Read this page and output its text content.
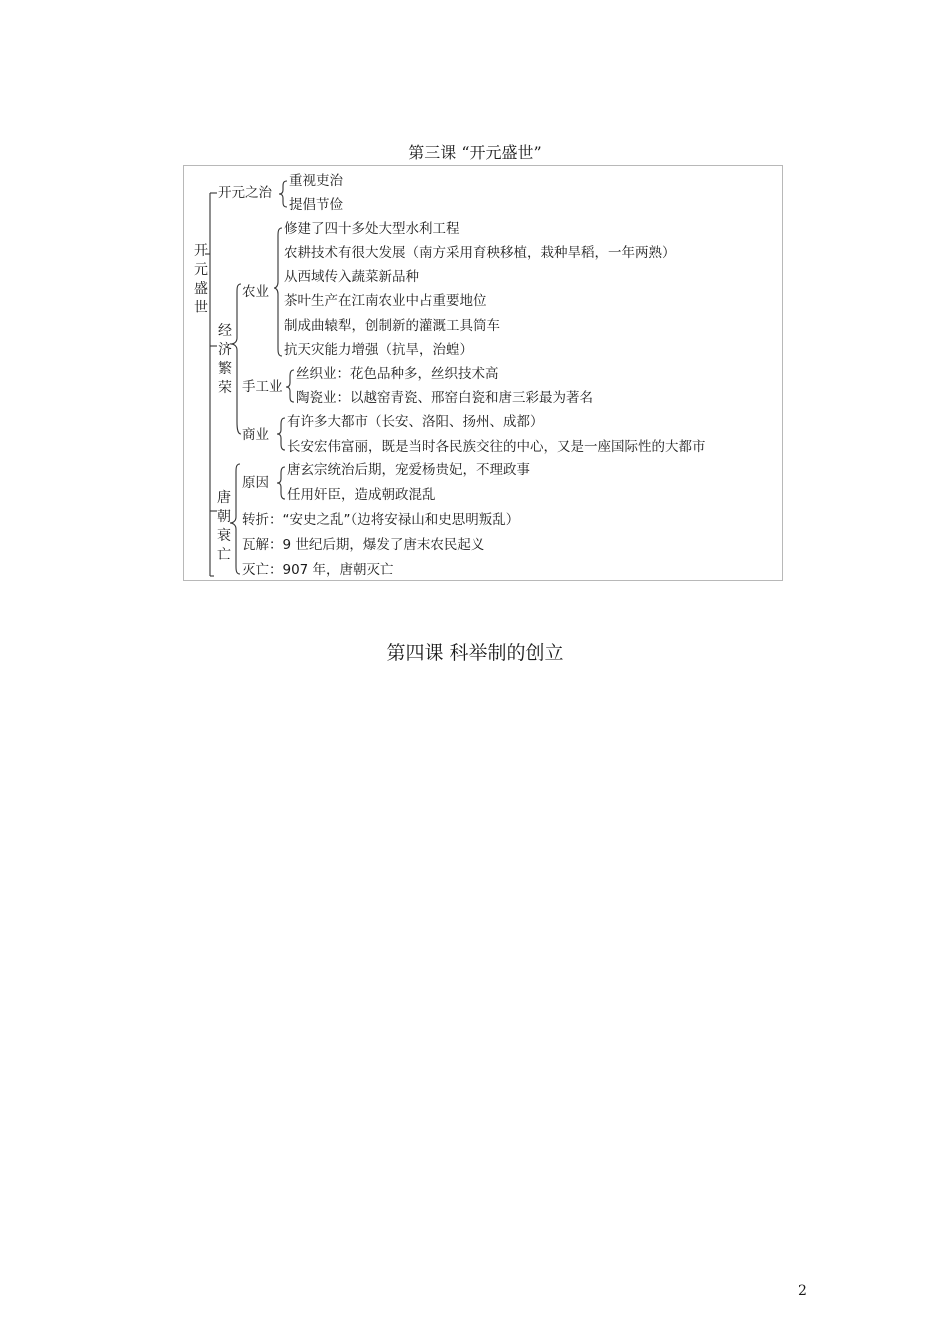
第三课 “开元盛世”
开元盛世
开元之治
重视吏治
提倡节俭
经济繁荣
农业
修建了四十多处大型水利工程
农耕技术有很大发展（南方采用育秧移植，栽种旱稻，一年两熟）
从西域传入蔬菜新品种
茶叶生产在江南农业中占重要地位
制成曲辕犁，创制新的灌溉工具筒车
抗天灾能力增强（抗旱，治蝗）
手工业
丝织业：花色品种多，丝织技术高
陶瓷业：以越窑青瓷、邢窑白瓷和唐三彩最为著名
商业
有许多大都市（长安、洛阳、扬州、成都）
长安宏伟富丽，既是当时各民族交往的中心，又是一座国际性的大都市
唐朝衰亡
原因
唐玄宗统治后期，宠爱杨贵妃，不理政事
任用奸臣，造成朝政混乱
转折：“安史之乱”（边将安禄山和史思明叛乱）
瓦解：9 世纪后期，爆发了唐末农民起义
灭亡：907 年，唐朝灭亡
第四课 科举制的创立
2
